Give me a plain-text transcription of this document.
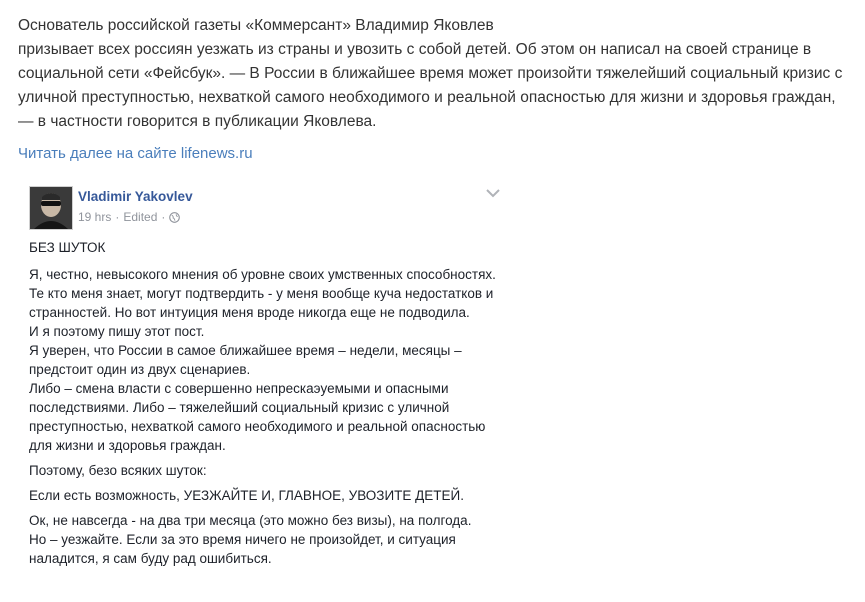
Основатель российской газеты «Коммерсант» Владимир Яковлев

призывает всех россиян уезжать из страны и увозить с собой детей. Об этом он написал на своей странице в социальной сети «Фейсбук». — В России в ближайшее время может произойти тяжелейший социальный кризис с уличной преступностью, нехваткой самого необходимого и реальной опасностью для жизни и здоровья граждан, — в частности говорится в публикации Яковлева.

Читать далее на сайте lifenews.ru
Vladimir Yakovlev
19 hrs · Edited ·

БЕЗ ШУТОК

Я, честно, невысокого мнения об уровне своих умственных способностях. Те кто меня знает, могут подтвердить - у меня вообще куча недостатков и странностей. Но вот интуиция меня вроде никогда еще не подводила.

И я поэтому пишу этот пост.

Я уверен, что России в самое ближайшее время – недели, месяцы – предстоит один из двух сценариев.

Либо – смена власти с совершенно непрескаэуемыми и опасными последствиями. Либо – тяжелейший социальный кризис с уличной преступностью, нехваткой самого необходимого и реальной опасностью для жизни и здоровья граждан.

Поэтому, безо всяких шуток:

Если есть возможность, УЕЗЖАЙТЕ И, ГЛАВНОЕ, УВОЗИТЕ ДЕТЕЙ.

Ок, не навсегда - на два три месяца (это можно без визы), на полгода.

Но – уезжайте. Если за это время ничего не произойдет, и ситуация наладится, я сам буду рад ошибиться.
